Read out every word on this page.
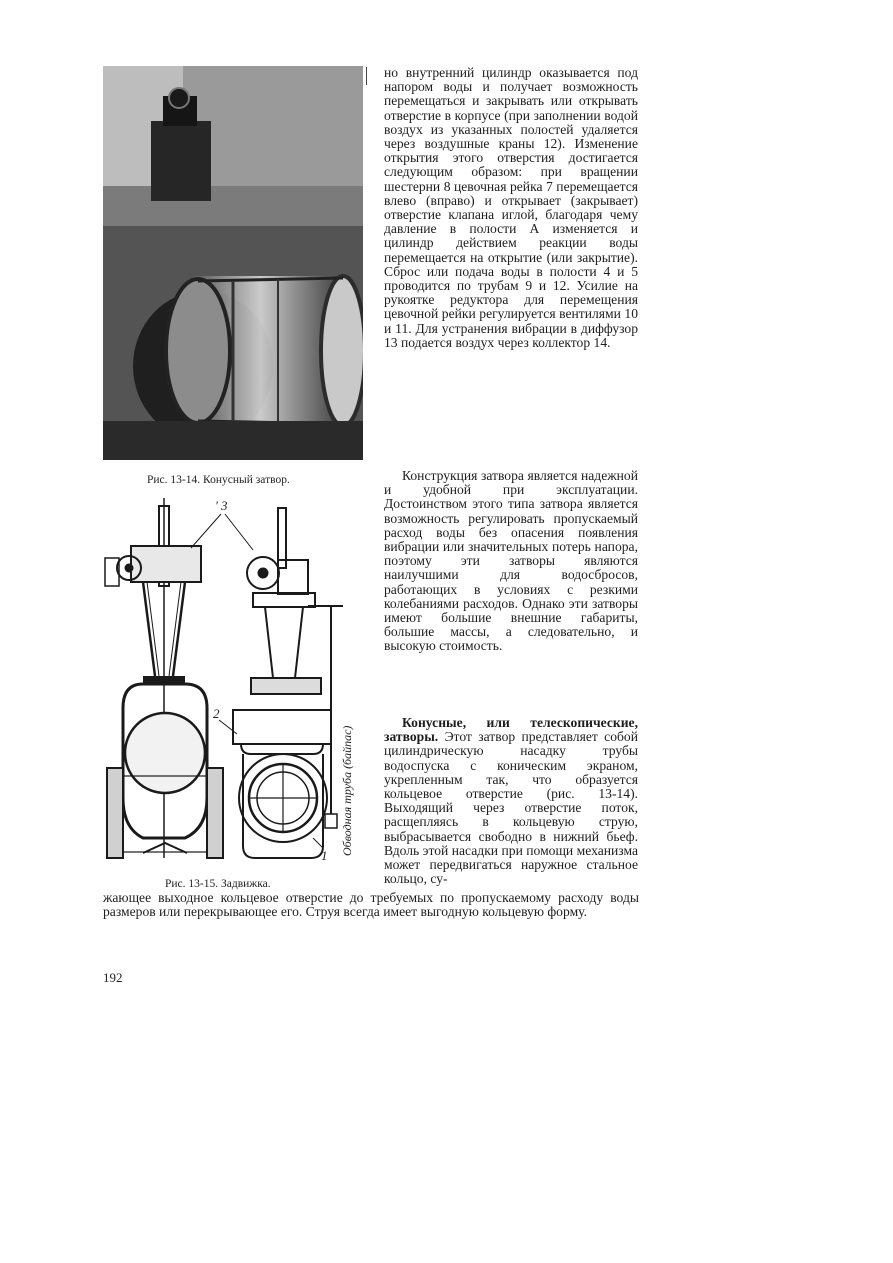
Рис. 13-14. Конусный затвор.
' 3
2
1 Обводная труба (байпас)
Рис. 13-15. Задвижка.

но внутренний цилиндр оказывается под напором воды и получает возможность перемещаться и закрывать или открывать отверстие в корпусе (при заполнении водой воздух из указанных полостей удаляется через воздушные краны 12). Изменение открытия этого отверстия достигается следующим образом: при вращении шестерни 8 цевочная рейка 7 перемещается влево (вправо) и открывает (закрывает) отверстие клапана иглой, благодаря чему давление в полости А изменяется и цилиндр действием реакции воды перемещается на открытие (или закрытие). Сброс или подача воды в полости 4 и 5 проводится по трубам 9 и 12. Усилие на рукоятке редуктора для перемещения цевочной рейки регулируется вентилями 10 и 11. Для устранения вибрации в диффузор 13 подается воздух через коллектор 14.

Конструкция затвора является надежной и удобной при эксплуатации. Достоинством этого типа затвора является возможность регулировать пропускаемый расход воды без опасения появления вибрации или значительных потерь напора, поэтому эти затворы являются наилучшими для водосбросов, работающих в условиях с резкими колебаниями расходов. Однако эти затворы имеют большие внешние габариты, большие массы, а следовательно, и высокую стоимость.

Конусные, или телескопические, затворы. Этот затвор представляет собой цилиндрическую насадку трубы водоспуска с коническим экраном, укрепленным так, что образуется кольцевое отверстие (рис. 13-14). Выходящий через отверстие поток, расщепляясь в кольцевую струю, выбрасывается свободно в нижний бьеф. Вдоль этой насадки при помощи механизма может передвигаться наружное стальное кольцо, су-

жающее выходное кольцевое отверстие до требуемых по пропускаемому расходу воды размеров или перекрывающее его. Струя всегда имеет выгодную кольцевую форму.

192
